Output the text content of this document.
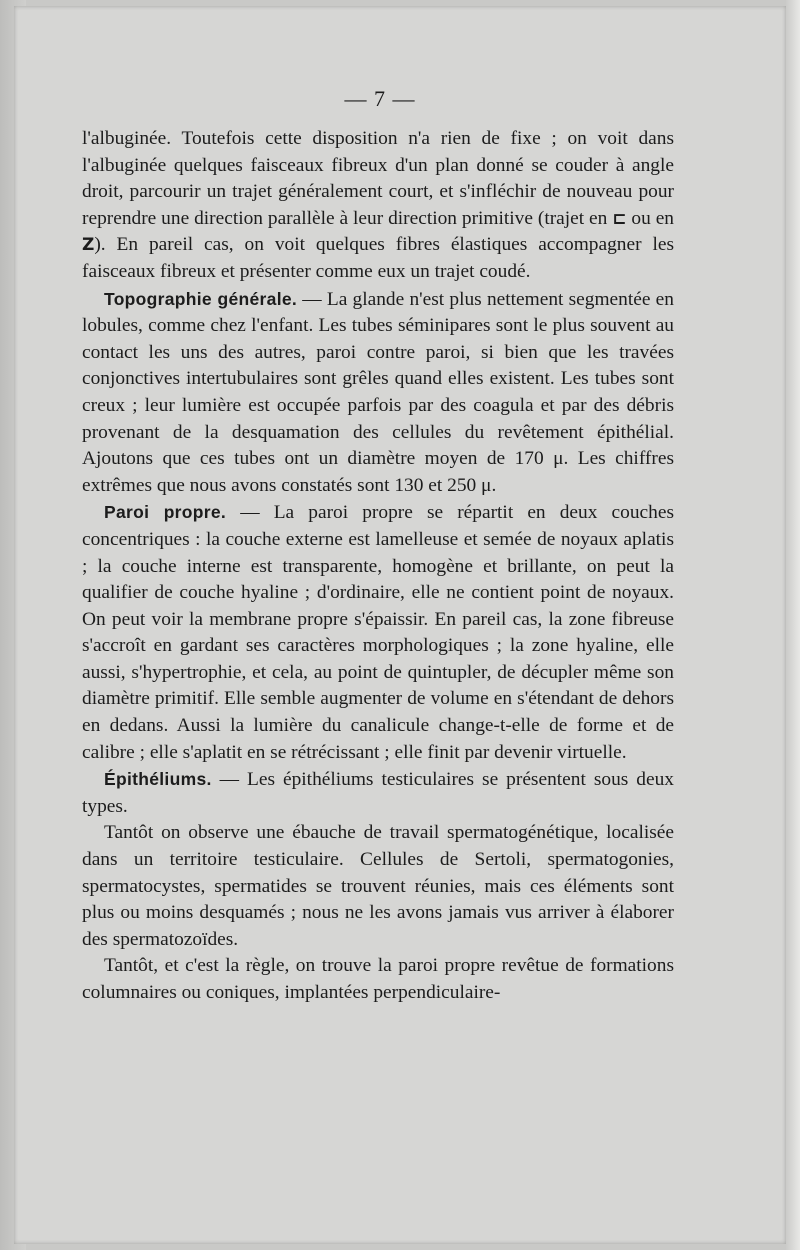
— 7 —

l'albuginée. Toutefois cette disposition n'a rien de fixe ; on voit dans l'albuginée quelques faisceaux fibreux d'un plan donné se couder à angle droit, parcourir un trajet généralement court, et s'infléchir de nouveau pour reprendre une direction parallèle à leur direction primitive (trajet en ⊏ ou en Z). En pareil cas, on voit quelques fibres élastiques accompagner les faisceaux fibreux et présenter comme eux un trajet coudé.

Topographie générale. — La glande n'est plus nettement segmentée en lobules, comme chez l'enfant. Les tubes séminipares sont le plus souvent au contact les uns des autres, paroi contre paroi, si bien que les travées conjonctives intertubulaires sont grêles quand elles existent. Les tubes sont creux ; leur lumière est occupée parfois par des coagula et par des débris provenant de la desquamation des cellules du revêtement épithélial. Ajoutons que ces tubes ont un diamètre moyen de 170 μ. Les chiffres extrêmes que nous avons constatés sont 130 et 250 μ.

Paroi propre. — La paroi propre se répartit en deux couches concentriques : la couche externe est lamelleuse et semée de noyaux aplatis ; la couche interne est transparente, homogène et brillante, on peut la qualifier de couche hyaline ; d'ordinaire, elle ne contient point de noyaux. On peut voir la membrane propre s'épaissir. En pareil cas, la zone fibreuse s'accroît en gardant ses caractères morphologiques ; la zone hyaline, elle aussi, s'hypertrophie, et cela, au point de quintupler, de décupler même son diamètre primitif. Elle semble augmenter de volume en s'étendant de dehors en dedans. Aussi la lumière du canalicule change-t-elle de forme et de calibre ; elle s'aplatit en se rétrécissant ; elle finit par devenir virtuelle.

Épithéliums. — Les épithéliums testiculaires se présentent sous deux types.

Tantôt on observe une ébauche de travail spermatogénétique, localisée dans un territoire testiculaire. Cellules de Sertoli, spermatogonies, spermatocystes, spermatides se trouvent réunies, mais ces éléments sont plus ou moins desquamés ; nous ne les avons jamais vus arriver à élaborer des spermatozoïdes.

Tantôt, et c'est la règle, on trouve la paroi propre revêtue de formations columnaires ou coniques, implantées perpendiculaire-
